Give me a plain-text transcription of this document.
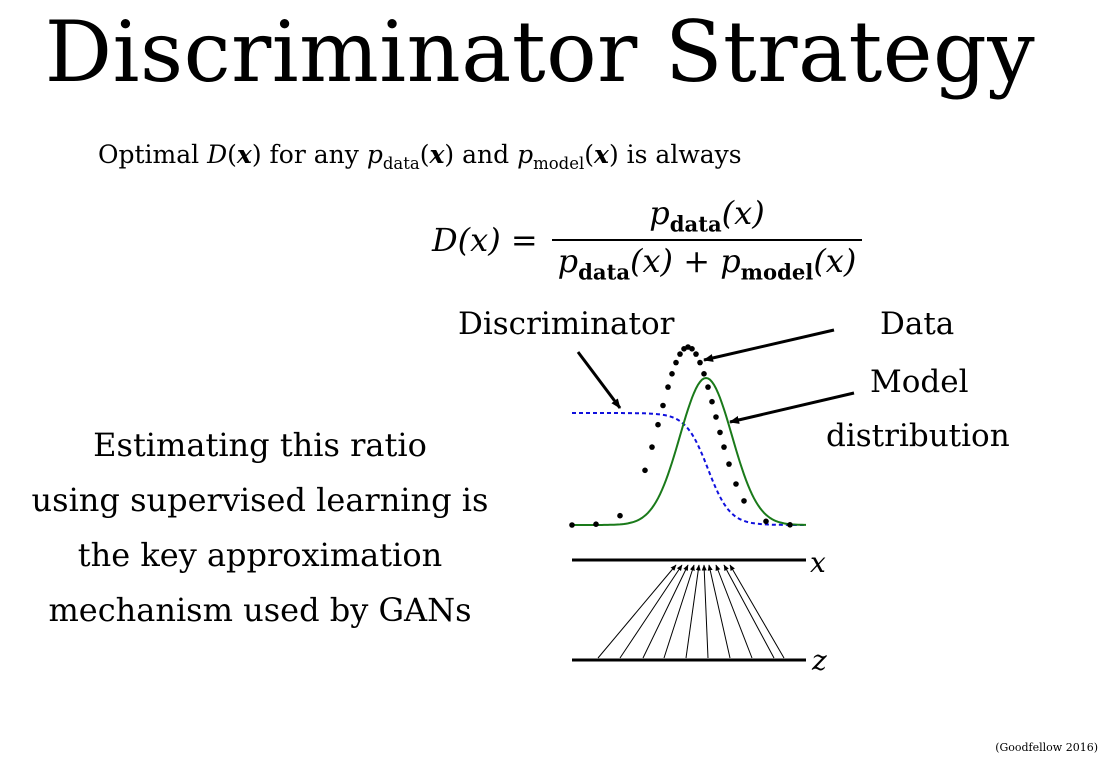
Discriminator Strategy
Optimal D(x) for any $p_{data}(x)$ and $p_{model}(x)$ is always
$D(x) = \frac{p_{data}(x)}{p_{data}(x) + p_{model}(x)}$
Estimating this ratio
using supervised learning is
the key approximation
mechanism used by GANs
Discriminator	Data
Model
distribution
x
z
(Goodfellow 2016)
